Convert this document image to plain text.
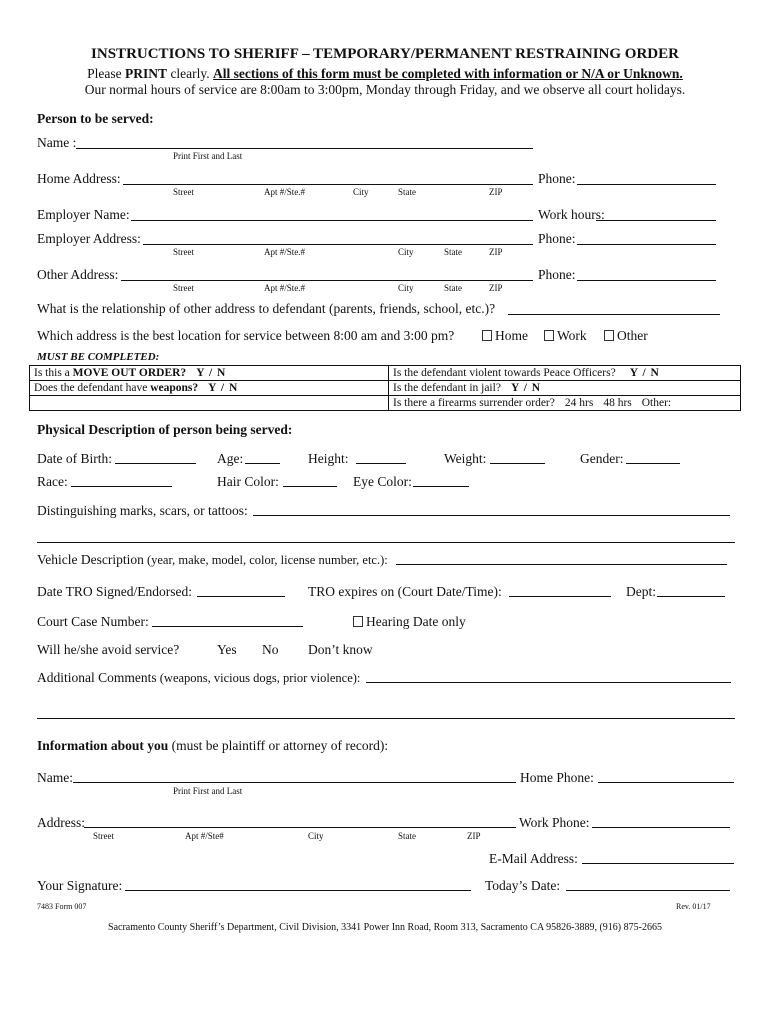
INSTRUCTIONS TO SHERIFF – TEMPORARY/PERMANENT RESTRAINING ORDER
Please PRINT clearly. All sections of this form must be completed with information or N/A or Unknown.
Our normal hours of service are 8:00am to 3:00pm, Monday through Friday, and we observe all court holidays.
Person to be served:
Name :
Print First and Last
Home Address:	Phone:
Street	Apt #/Ste.#	City	State	ZIP
Employer Name:	Work hours:
Employer Address:	Phone:
Street	Apt #/Ste.#	City	State	ZIP
Other Address:	Phone:
Street	Apt #/Ste.#	City	State	ZIP
What is the relationship of other address to defendant (parents, friends, school, etc.)?
Which address is the best location for service between 8:00 am and 3:00 pm?	Home	Work	Other
MUST BE COMPLETED:
Is this a MOVE OUT ORDER? Y / N	Is the defendant violent towards Peace Officers? Y / N
Does the defendant have weapons? Y / N	Is the defendant in jail? Y / N
	Is there a firearms surrender order? 24 hrs 48 hrs Other:
Physical Description of person being served:
Date of Birth:	Age:	Height:	Weight:	Gender:
Race:	Hair Color:	Eye Color:
Distinguishing marks, scars, or tattoos:
Vehicle Description (year, make, model, color, license number, etc.):
Date TRO Signed/Endorsed:	TRO expires on (Court Date/Time):	Dept:
Court Case Number:	Hearing Date only
Will he/she avoid service?	Yes No Don’t know
Additional Comments (weapons, vicious dogs, prior violence):
Information about you (must be plaintiff or attorney of record):
Name:	Home Phone:
Print First and Last
Address:	Work Phone:
Street	Apt #/Ste#	City	State	ZIP
E-Mail Address:
Your Signature:	Today’s Date:
7483 Form 007	Rev. 01/17
Sacramento County Sheriff’s Department, Civil Division, 3341 Power Inn Road, Room 313, Sacramento CA 95826-3889, (916) 875-2665
